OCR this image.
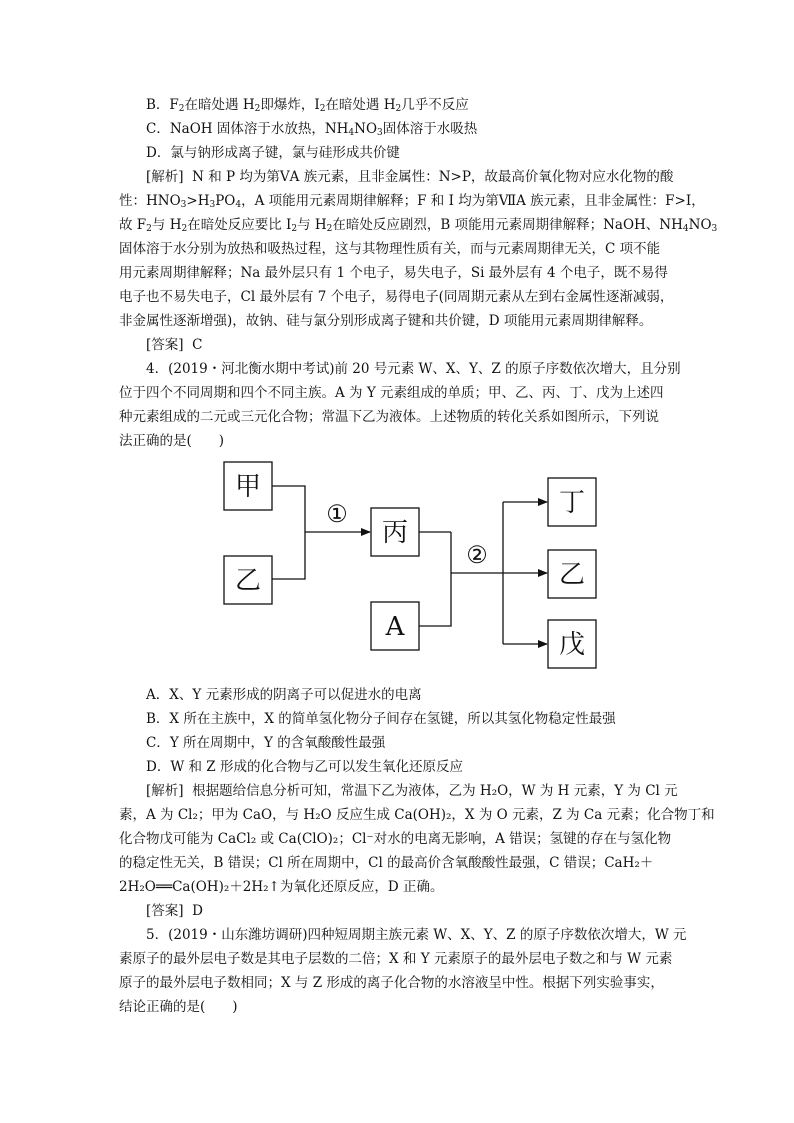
B．$F_2$在暗处遇 $H_2$即爆炸，$I_2$在暗处遇 $H_2$几乎不反应
C．NaOH 固体溶于水放热，$NH_4NO_3$固体溶于水吸热
D．氯与钠形成离子键，氯与硅形成共价键
[解析] N 和 P 均为第ⅤA 族元素，且非金属性：N>P，故最高价氧化物对应水化物的酸
性：$HNO_3>H_3PO_4$，A 项能用元素周期律解释；F 和 I 均为第ⅦA 族元素，且非金属性：F>I，
故 $F_2$与 $H_2$在暗处反应要比 $I_2$与 $H_2$在暗处反应剧烈，B 项能用元素周期律解释；NaOH、$NH_4NO_3$
固体溶于水分别为放热和吸热过程，这与其物理性质有关，而与元素周期律无关，C 项不能
用元素周期律解释；Na 最外层只有 1 个电子，易失电子，Si 最外层有 4 个电子，既不易得
电子也不易失电子，Cl 最外层有 7 个电子，易得电子(同周期元素从左到右金属性逐渐减弱，
非金属性逐渐增强)，故钠、硅与氯分别形成离子键和共价键，D 项能用元素周期律解释。
[答案] C
4．(2019・河北衡水期中考试)前 20 号元素 W、X、Y、Z 的原子序数依次增大，且分别
位于四个不同周期和四个不同主族。A 为 Y 元素组成的单质；甲、乙、丙、丁、戊为上述四
种元素组成的二元或三元化合物；常温下乙为液体。上述物质的转化关系如图所示，下列说
法正确的是(　　)
甲
乙
丙
A
丁
乙
戊
①
②
A．X、Y 元素形成的阴离子可以促进水的电离
B．X 所在主族中，X 的简单氢化物分子间存在氢键，所以其氢化物稳定性最强
C．Y 所在周期中，Y 的含氧酸酸性最强
D．W 和 Z 形成的化合物与乙可以发生氧化还原反应
[解析] 根据题给信息分析可知，常温下乙为液体，乙为 H₂O，W 为 H 元素，Y 为 Cl 元
素，A 为 Cl₂；甲为 CaO，与 H₂O 反应生成 Ca(OH)₂，X 为 O 元素，Z 为 Ca 元素；化合物丁和
化合物戊可能为 CaCl₂ 或 Ca(ClO)₂；Cl⁻对水的电离无影响，A 错误；氢键的存在与氢化物
的稳定性无关，B 错误；Cl 所在周期中，Cl 的最高价含氧酸酸性最强，C 错误；CaH₂＋
2H₂O══Ca(OH)₂＋2H₂↑为氧化还原反应，D 正确。
[答案] D
5．(2019・山东潍坊调研)四种短周期主族元素 W、X、Y、Z 的原子序数依次增大，W 元
素原子的最外层电子数是其电子层数的二倍；X 和 Y 元素原子的最外层电子数之和与 W 元素
原子的最外层电子数相同；X 与 Z 形成的离子化合物的水溶液呈中性。根据下列实验事实，
结论正确的是(　　)
